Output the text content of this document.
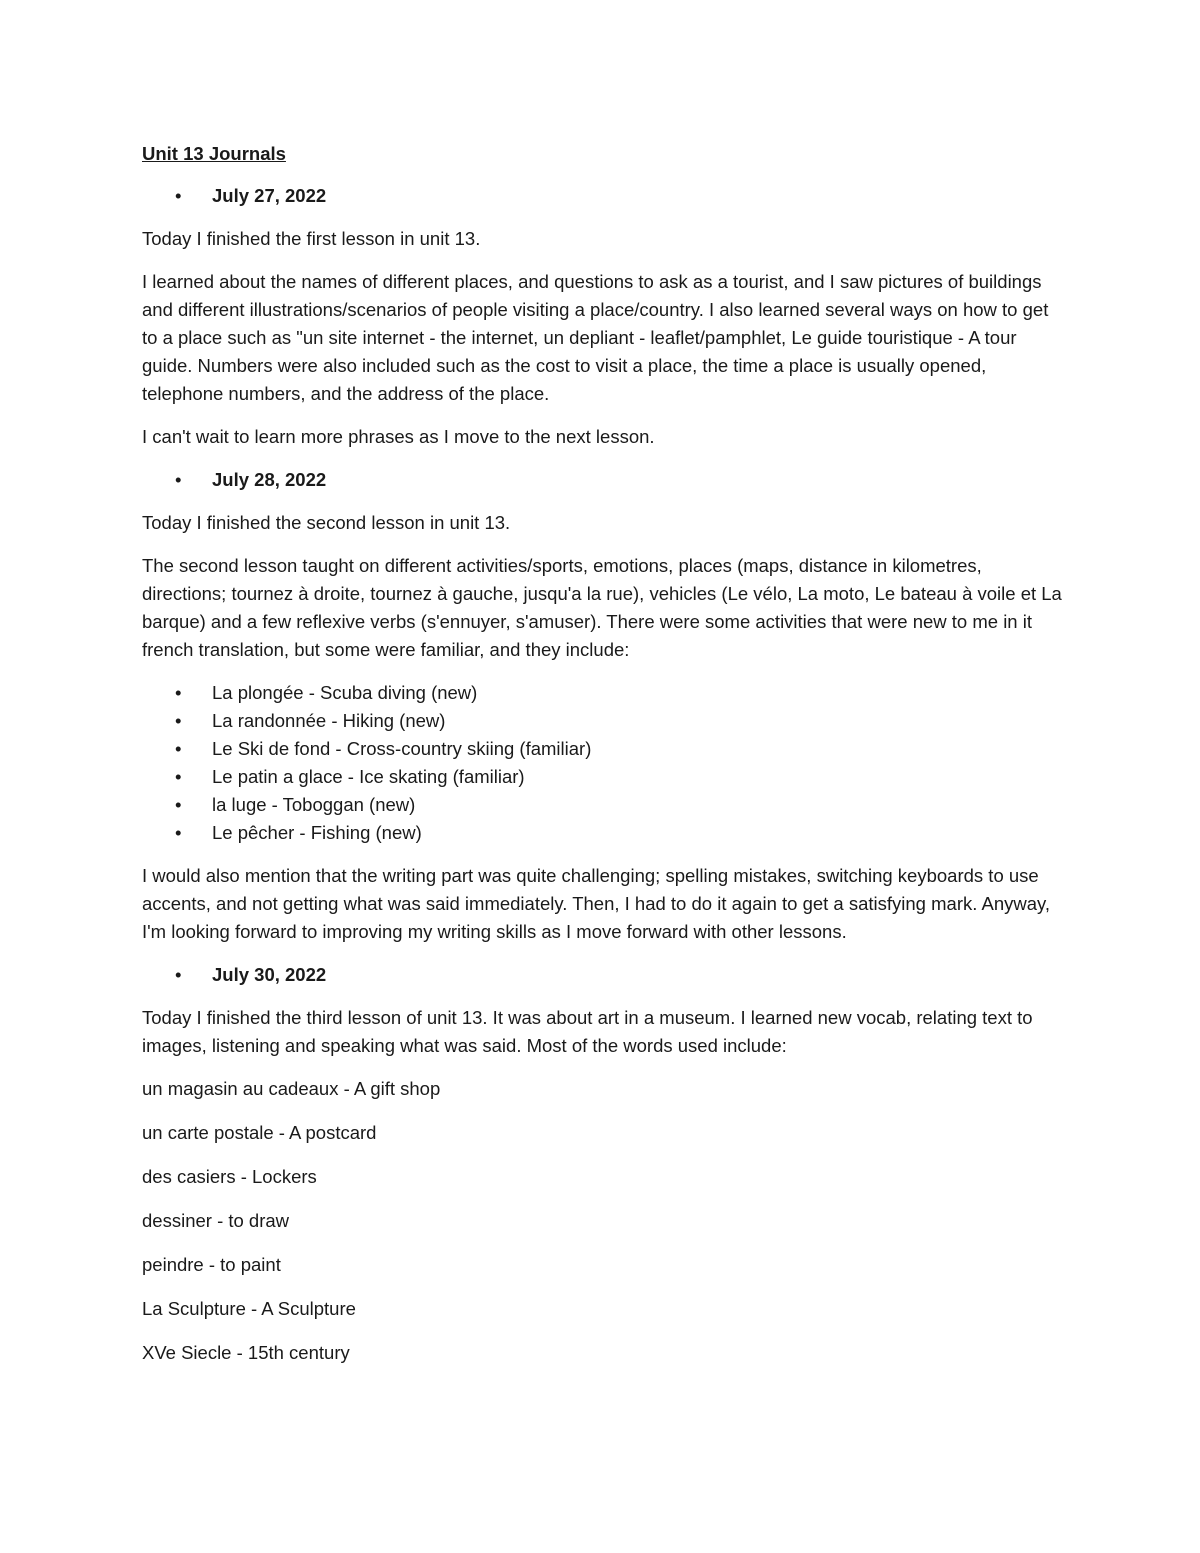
Unit 13 Journals
• July 27, 2022

Today I finished the first lesson in unit 13.

I learned about the names of different places, and questions to ask as a tourist, and I saw pictures of buildings and different illustrations/scenarios of people visiting a place/country. I also learned several ways on how to get to a place such as "un site internet - the internet, un depliant - leaflet/pamphlet, Le guide touristique - A tour guide. Numbers were also included such as the cost to visit a place, the time a place is usually opened, telephone numbers, and the address of the place.

I can't wait to learn more phrases as I move to the next lesson.

• July 28, 2022

Today I finished the second lesson in unit 13.

The second lesson taught on different activities/sports, emotions, places (maps, distance in kilometres, directions; tournez à droite, tournez à gauche, jusqu'a la rue), vehicles (Le vélo, La moto, Le bateau à voile et La barque) and a few reflexive verbs (s'ennuyer, s'amuser). There were some activities that were new to me in it french translation, but some were familiar, and they include:

• La plongée - Scuba diving (new)
• La randonnée - Hiking (new)
• Le Ski de fond - Cross-country skiing (familiar)
• Le patin a glace - Ice skating (familiar)
• la luge - Toboggan (new)
• Le pêcher - Fishing (new)

I would also mention that the writing part was quite challenging; spelling mistakes, switching keyboards to use accents, and not getting what was said immediately. Then, I had to do it again to get a satisfying mark. Anyway, I'm looking forward to improving my writing skills as I move forward with other lessons.

• July 30, 2022

Today I finished the third lesson of unit 13. It was about art in a museum. I learned new vocab, relating text to images, listening and speaking what was said. Most of the words used include:

un magasin au cadeaux - A gift shop
un carte postale - A postcard
des casiers - Lockers
dessiner - to draw
peindre - to paint
La Sculpture - A Sculpture
XVe Siecle - 15th century
